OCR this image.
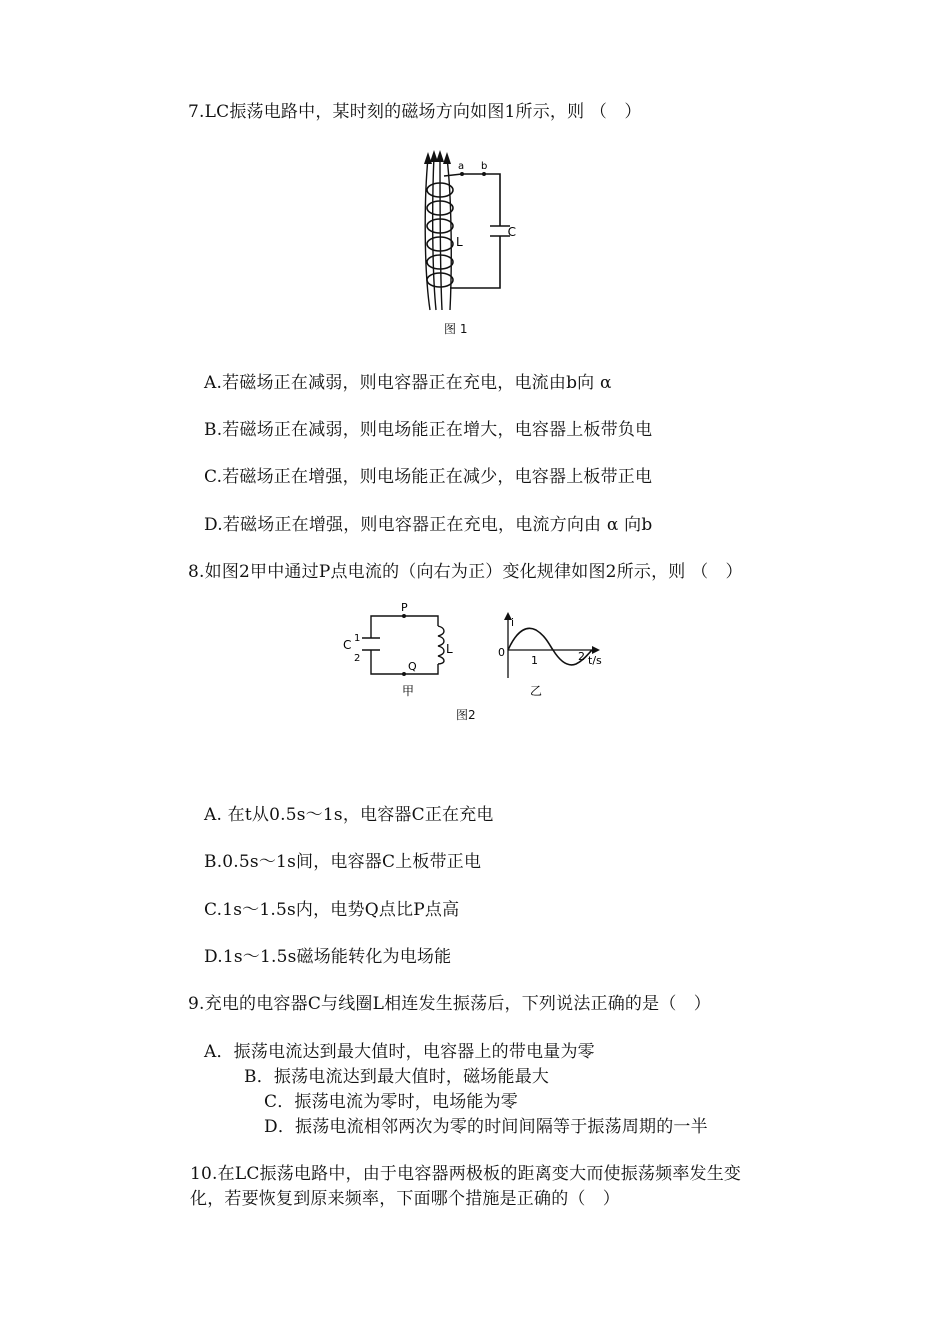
7.LC振荡电路中，某时刻的磁场方向如图1所示，则 （　）
a b
L
C
图 1
A.若磁场正在减弱，则电容器正在充电，电流由b向 α
B.若磁场正在减弱，则电场能正在增大，电容器上板带负电
C.若磁场正在增强，则电场能正在减少，电容器上板带正电
D.若磁场正在增强，则电容器正在充电，电流方向由 α 向b
8.如图2甲中通过P点电流的（向右为正）变化规律如图2所示，则 （　）
P
Q
L
C 1
2
甲
i
0
1	2 t/s
乙
图2
A. 在t从0.5s～1s，电容器C正在充电
B.0.5s～1s间，电容器C上板带正电
C.1s～1.5s内，电势Q点比P点高
D.1s～1.5s磁场能转化为电场能
9.充电的电容器C与线圈L相连发生振荡后，下列说法正确的是（　）
A．振荡电流达到最大值时，电容器上的带电量为零
B．振荡电流达到最大值时，磁场能最大
C．振荡电流为零时，电场能为零
D．振荡电流相邻两次为零的时间间隔等于振荡周期的一半
10.在LC振荡电路中，由于电容器两极板的距离变大而使振荡频率发生变
化，若要恢复到原来频率，下面哪个措施是正确的（　）
